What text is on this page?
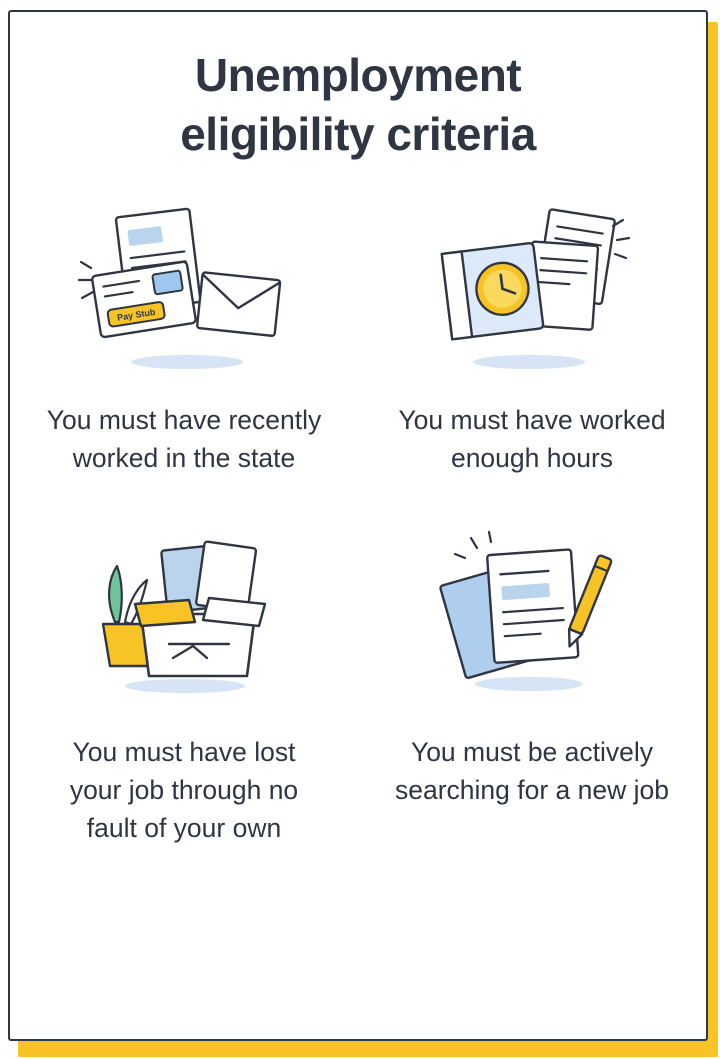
Unemployment
eligibility criteria
Pay Stub
You must have recently worked in the state
You must have worked enough hours
You must have lost your job through no fault of your own
You must be actively searching for a new job
